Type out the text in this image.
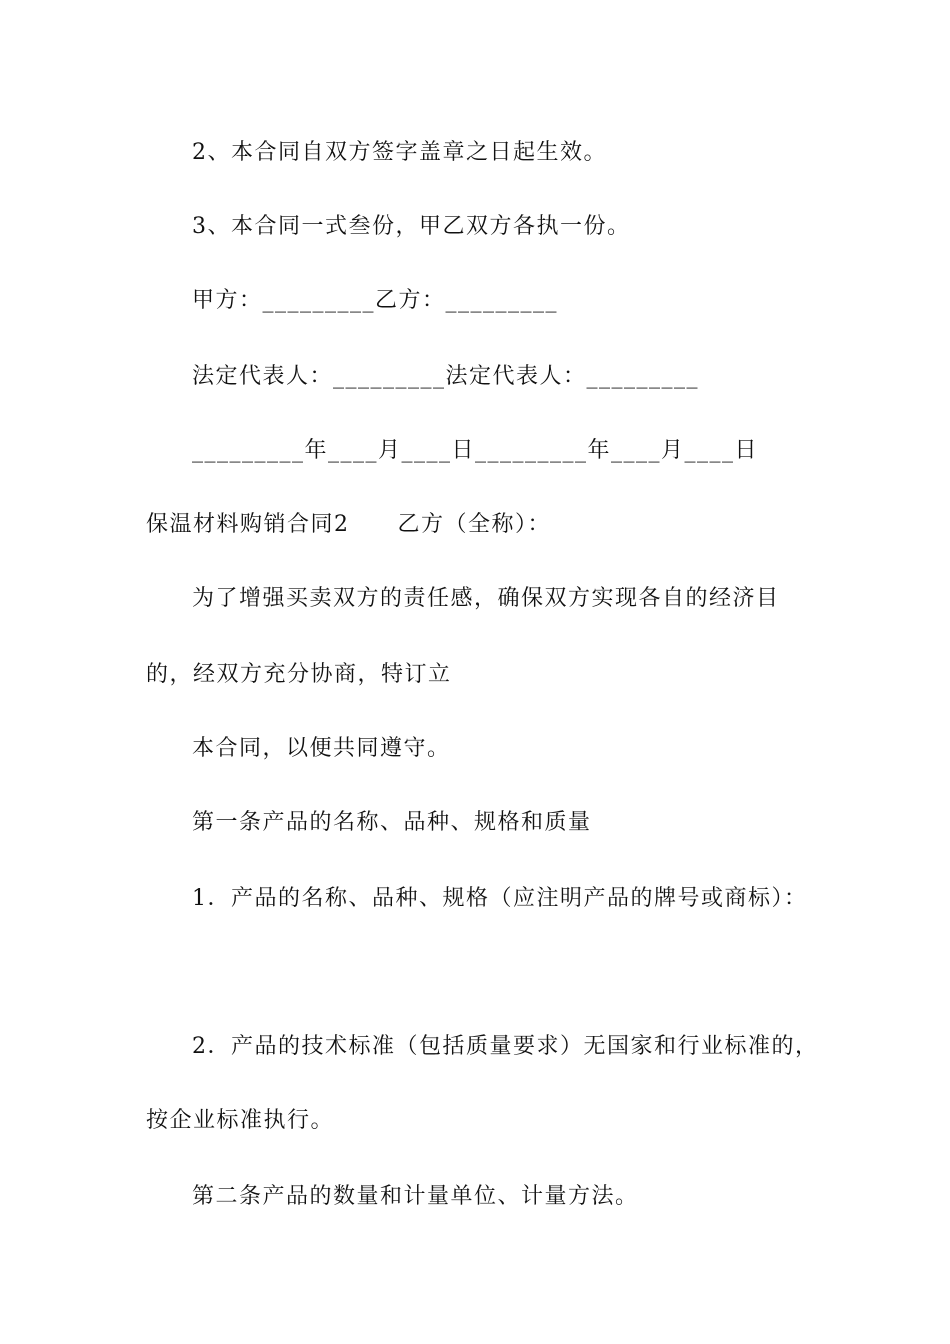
2、本合同自双方签字盖章之日起生效。
3、本合同一式叁份，甲乙双方各执一份。
甲方：_________乙方：_________
法定代表人：_________法定代表人：_________
_________年____月____日_________年____月____日
保温材料购销合同2 乙方（全称）：
为了增强买卖双方的责任感，确保双方实现各自的经济目
的，经双方充分协商，特订立
本合同，以便共同遵守。
第一条产品的名称、品种、规格和质量
1．产品的名称、品种、规格（应注明产品的牌号或商标）：
2．产品的技术标准（包括质量要求）无国家和行业标准的，
按企业标准执行。
第二条产品的数量和计量单位、计量方法。
